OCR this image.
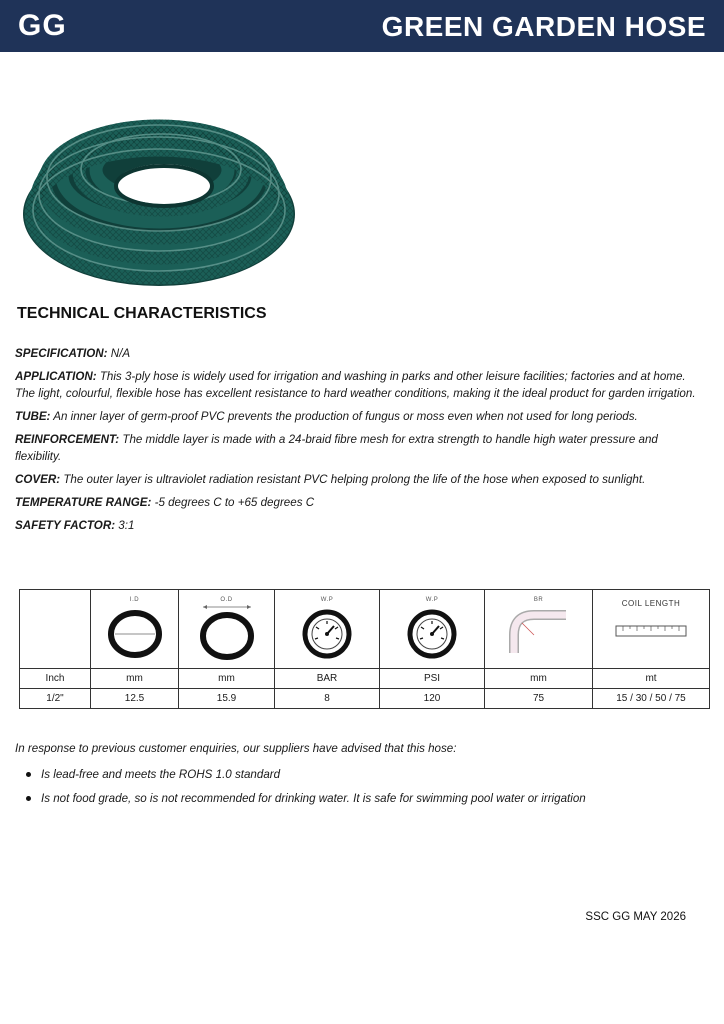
GG	GREEN GARDEN HOSE
TECHNICAL CHARACTERISTICS

SPECIFICATION: N/A

APPLICATION: This 3-ply hose is widely used for irrigation and washing in parks and other leisure facilities; factories and at home. The light, colourful, flexible hose has excellent resistance to hard weather conditions, making it the ideal product for garden irrigation.

TUBE: An inner layer of germ-proof PVC prevents the production of fungus or moss even when not used for long periods.

REINFORCEMENT: The middle layer is made with a 24-braid fibre mesh for extra strength to handle high water pressure and flexibility.

COVER: The outer layer is ultraviolet radiation resistant PVC helping prolong the life of the hose when exposed to sunlight.

TEMPERATURE RANGE: -5 degrees C to +65 degrees C

SAFETY FACTOR: 3:1

	I.D	O.D	W.P	W.P	BR	COIL LENGTH

Inch	mm	mm	BAR	PSI	mm	mt
1/2"	12.5	15.9	8	120	75	15 / 30 / 50 / 75
In response to previous customer enquiries, our suppliers have advised that this hose:
Is lead-free and meets the ROHS 1.0 standard
Is not food grade, so is not recommended for drinking water. It is safe for swimming pool water or irrigation
SSC GG MAY 2026
